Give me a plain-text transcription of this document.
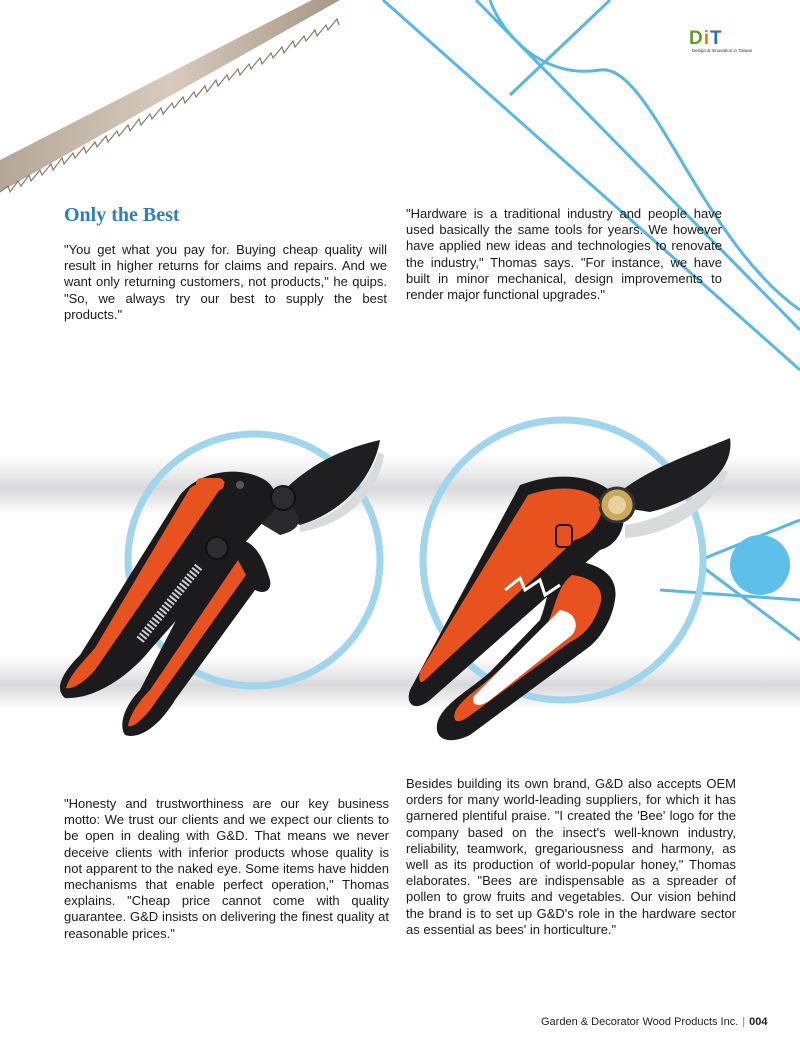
DiT
Design & Innovation in Taiwan
Only the Best

"You get what you pay for. Buying cheap quality will result in higher returns for claims and repairs. And we want only returning customers, not products," he quips. "So, we always try our best to supply the best products."

"Hardware is a traditional industry and people have used basically the same tools for years. We however have applied new ideas and technologies to renovate the industry," Thomas says. "For instance, we have built in minor mechanical, design improvements to render major functional upgrades."

"Honesty and trustworthiness are our key business motto: We trust our clients and we expect our clients to be open in dealing with G&D. That means we never deceive clients with inferior products whose quality is not apparent to the naked eye. Some items have hidden mechanisms that enable perfect operation," Thomas explains. "Cheap price cannot come with quality guarantee. G&D insists on delivering the finest quality at reasonable prices."

Besides building its own brand, G&D also accepts OEM orders for many world-leading suppliers, for which it has garnered plentiful praise. "I created the 'Bee' logo for the company based on the insect's well-known industry, reliability, teamwork, gregariousness and harmony, as well as its production of world-popular honey," Thomas elaborates. "Bees are indispensable as a spreader of pollen to grow fruits and vegetables. Our vision behind the brand is to set up G&D's role in the hardware sector as essential as bees' in horticulture."

Garden & Decorator Wood Products Inc. | 004
